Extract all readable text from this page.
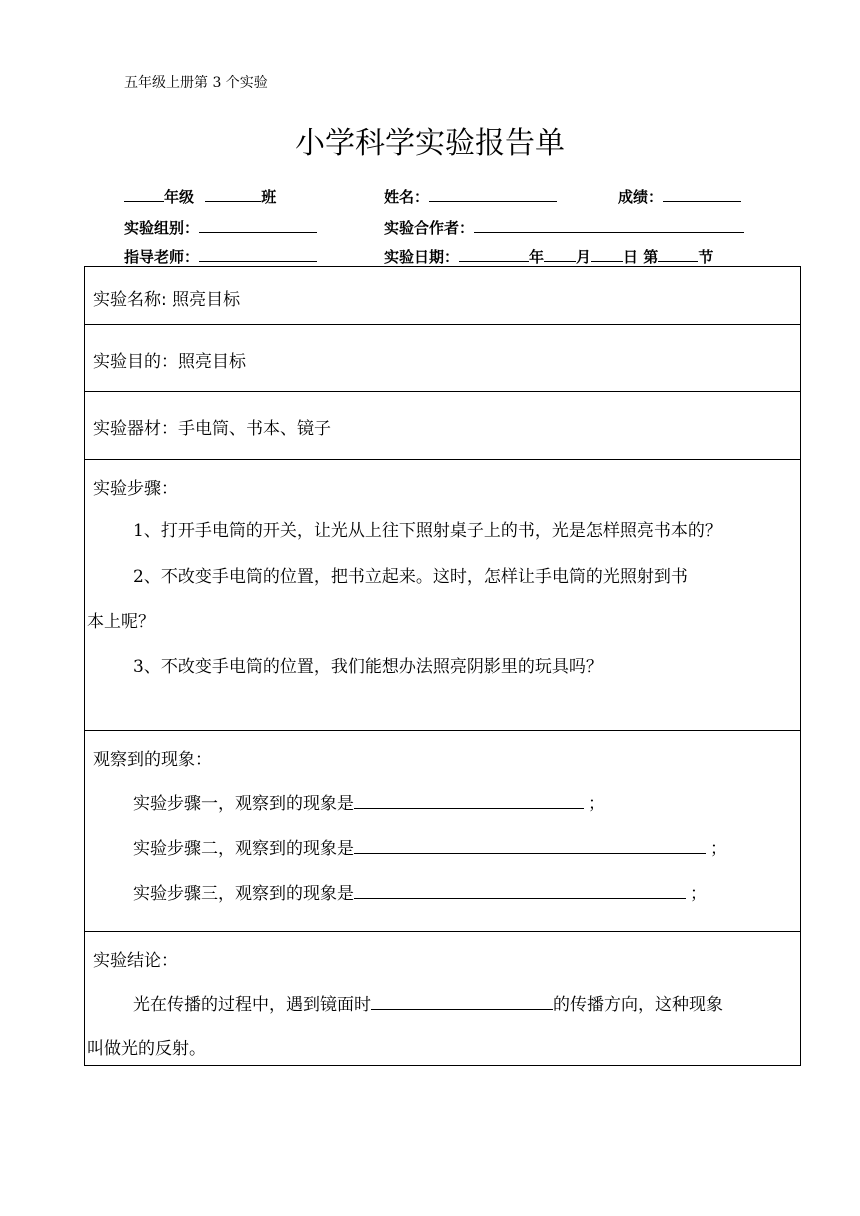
五年级上册第 3 个实验
小学科学实验报告单
年级	班	姓名：	成绩：
实验组别：	实验合作者：
指导老师：	实验日期：	年 月 日 第	节
实验名称: 照亮目标
实验目的：照亮目标
实验器材：手电筒、书本、镜子
实验步骤：
1、打开手电筒的开关，让光从上往下照射桌子上的书，光是怎样照亮书本的？
2、不改变手电筒的位置，把书立起来。这时，怎样让手电筒的光照射到书
本上呢？
3、不改变手电筒的位置，我们能想办法照亮阴影里的玩具吗？
观察到的现象：
实验步骤一，观察到的现象是	；
实验步骤二，观察到的现象是	；
实验步骤三，观察到的现象是	；
实验结论：
光在传播的过程中，遇到镜面时	的传播方向，这种现象
叫做光的反射。
